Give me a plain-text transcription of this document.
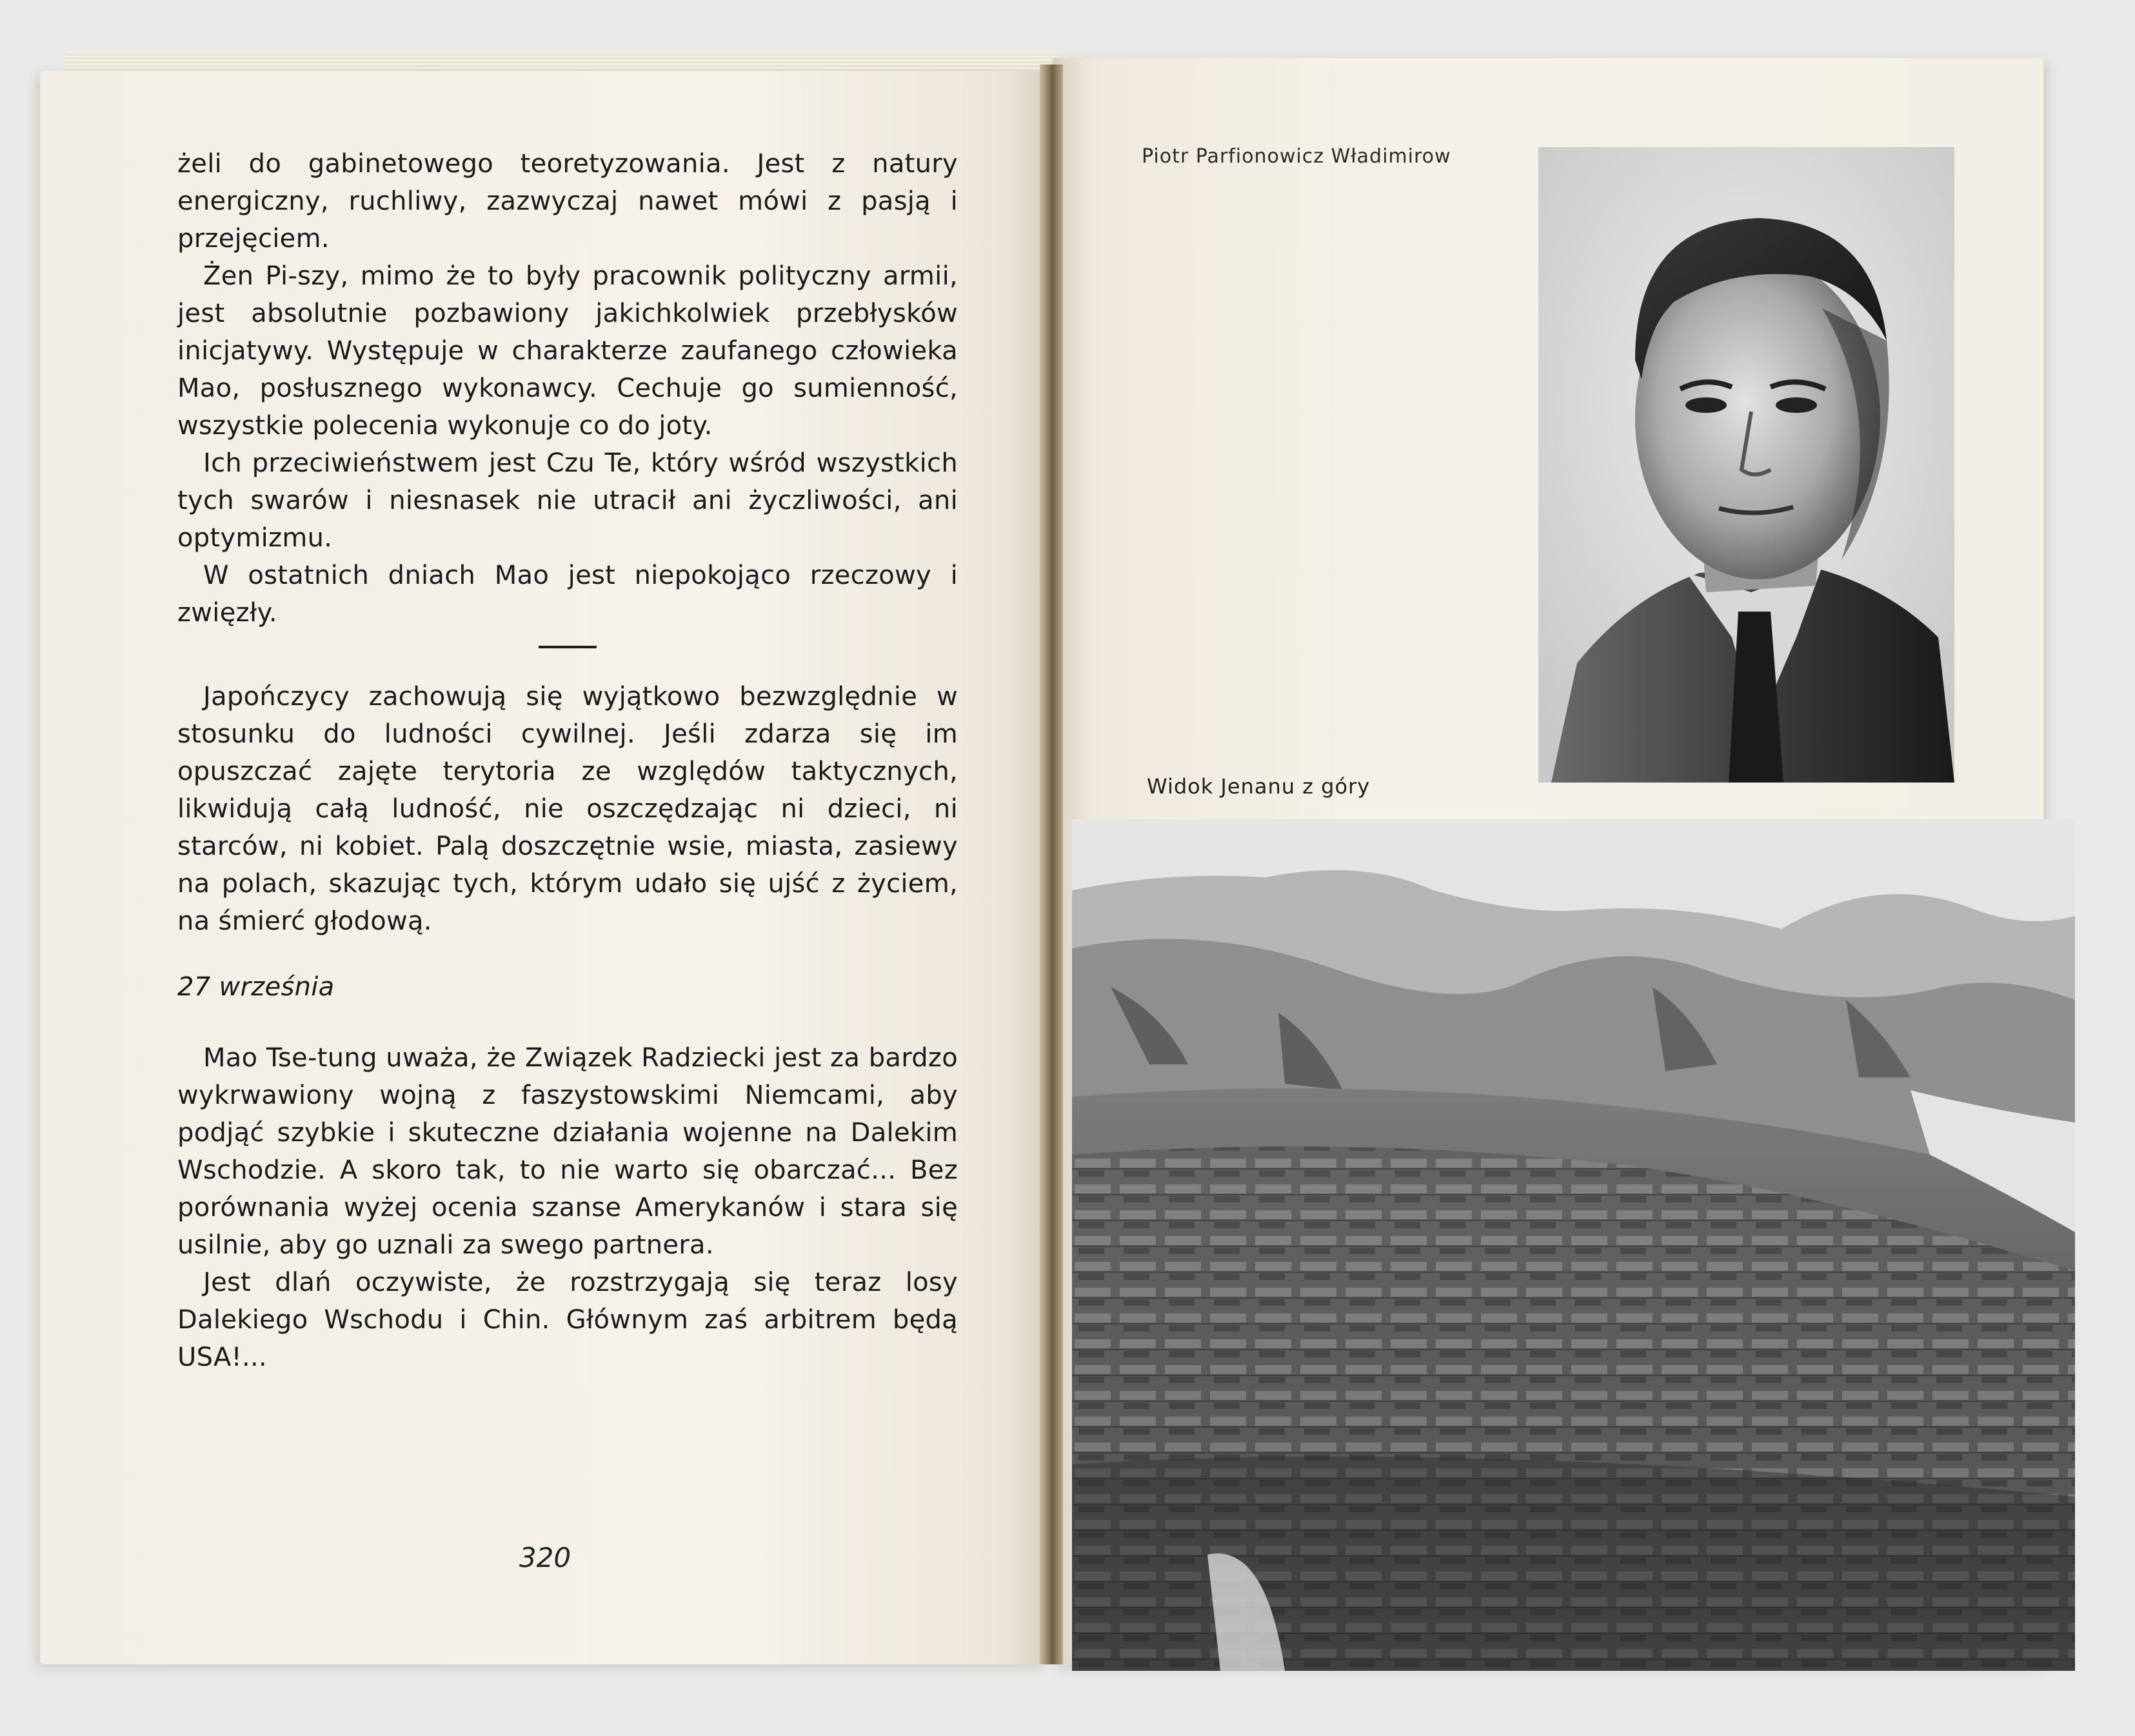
żeli do gabinetowego teoretyzowania. Jest z natury energiczny, ruchliwy, zazwyczaj nawet mówi z pasją i przejęciem.

Żen Pi-szy, mimo że to były pracownik polityczny armii, jest absolutnie pozbawiony jakichkolwiek przebłysków inicjatywy. Występuje w charakterze zaufanego człowieka Mao, posłusznego wykonawcy. Cechuje go sumienność, wszystkie polecenia wykonuje co do joty.

Ich przeciwieństwem jest Czu Te, który wśród wszystkich tych swarów i niesnasek nie utracił ani życzliwości, ani optymizmu.

W ostatnich dniach Mao jest niepokojąco rzeczowy i zwięzły.

Japończycy zachowują się wyjątkowo bezwzględnie w stosunku do ludności cywilnej. Jeśli zdarza się im opuszczać zajęte terytoria ze względów taktycznych, likwidują całą ludność, nie oszczędzając ni dzieci, ni starców, ni kobiet. Palą doszczętnie wsie, miasta, zasiewy na polach, skazując tych, którym udało się ujść z życiem, na śmierć głodową.

27 września

Mao Tse-tung uważa, że Związek Radziecki jest za bardzo wykrwawiony wojną z faszystowskimi Niemcami, aby podjąć szybkie i skuteczne działania wojenne na Dalekim Wschodzie. A skoro tak, to nie warto się obarczać... Bez porównania wyżej ocenia szanse Amerykanów i stara się usilnie, aby go uznali za swego partnera.

Jest dlań oczywiste, że rozstrzygają się teraz losy Dalekiego Wschodu i Chin. Głównym zaś arbitrem będą USA!...

320
Piotr Parfionowicz Władimirow
Widok Jenanu z góry
